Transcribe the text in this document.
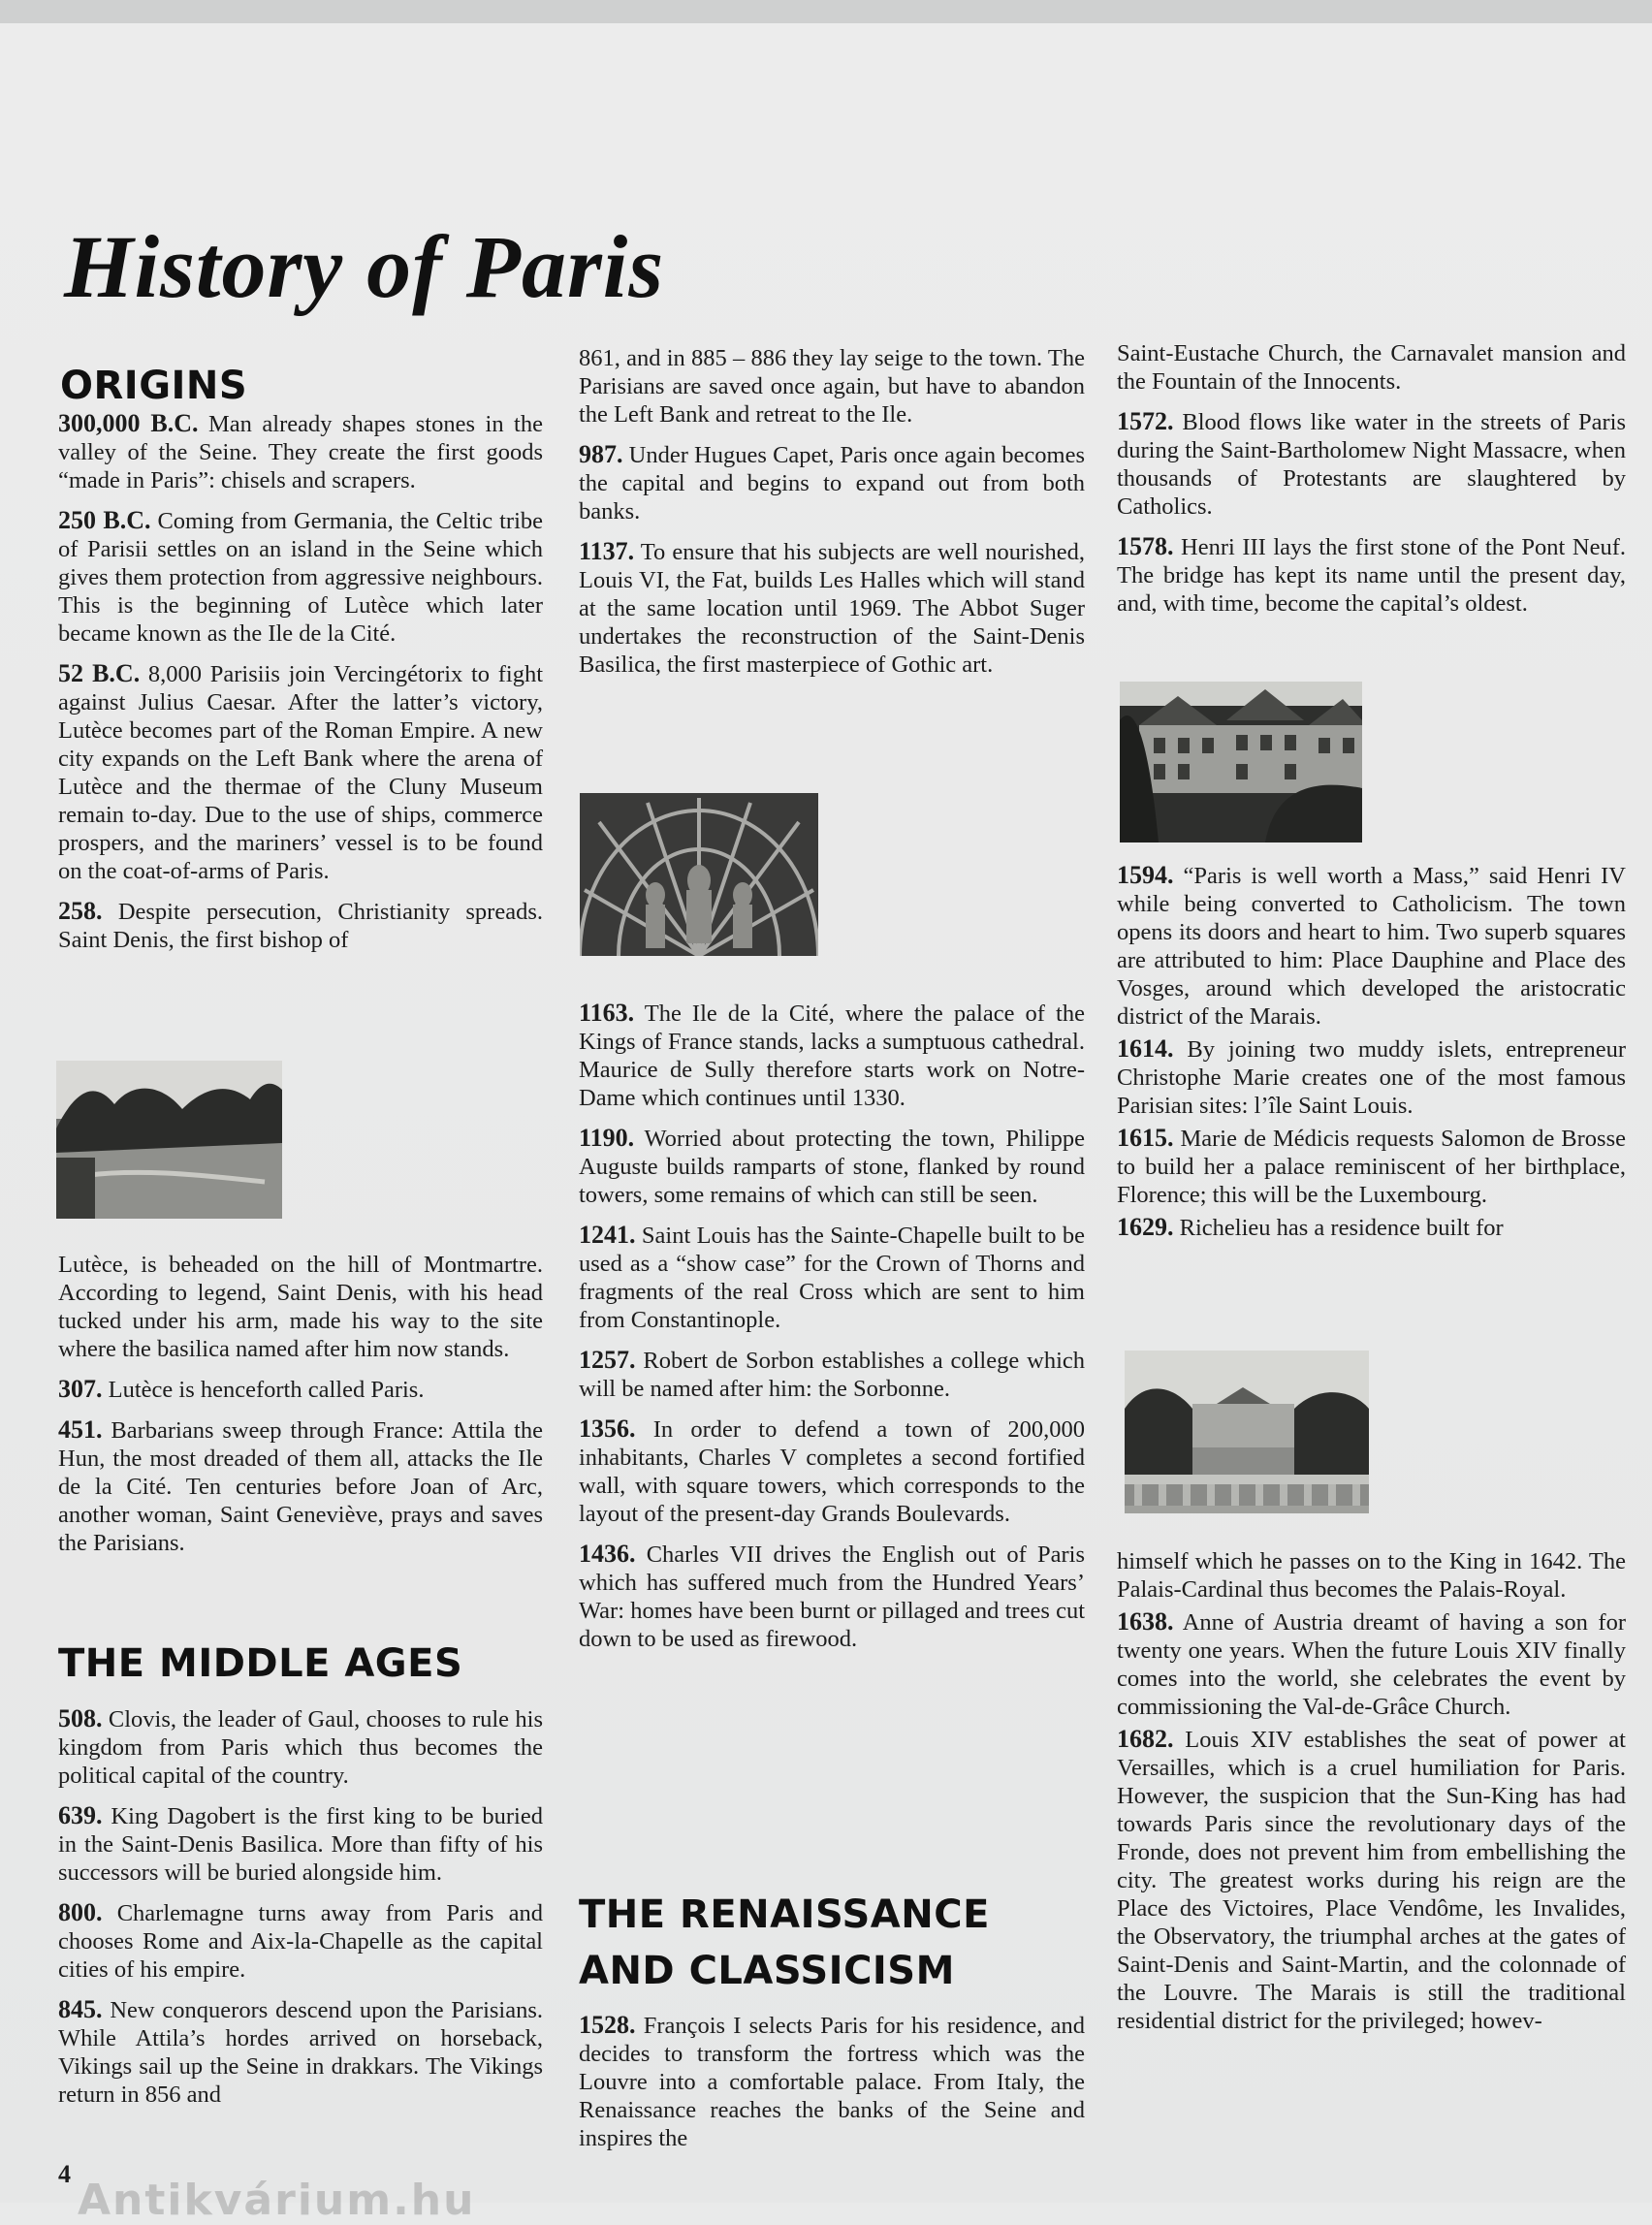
History of Paris
ORIGINS

300,000 B.C. Man already shapes stones in the valley of the Seine. They create the first goods “made in Paris”: chisels and scrapers.

250 B.C. Coming from Germania, the Celtic tribe of Parisii settles on an island in the Seine which gives them protection from aggressive neighbours. This is the beginning of Lutèce which later became known as the Ile de la Cité.

52 B.C. 8,000 Parisiis join Vercingétorix to fight against Julius Caesar. After the latter’s victory, Lutèce becomes part of the Roman Empire. A new city expands on the Left Bank where the arena of Lutèce and the thermae of the Cluny Museum remain to-day. Due to the use of ships, commerce prospers, and the mariners’ vessel is to be found on the coat-of-arms of Paris.

258. Despite persecution, Christianity spreads. Saint Denis, the first bishop of

Lutèce, is beheaded on the hill of Montmartre. According to legend, Saint Denis, with his head tucked under his arm, made his way to the site where the basilica named after him now stands.

307. Lutèce is henceforth called Paris.

451. Barbarians sweep through France: Attila the Hun, the most dreaded of them all, attacks the Ile de la Cité. Ten centuries before Joan of Arc, another woman, Saint Geneviève, prays and saves the Parisians.

THE MIDDLE AGES

508. Clovis, the leader of Gaul, chooses to rule his kingdom from Paris which thus becomes the political capital of the country.

639. King Dagobert is the first king to be buried in the Saint-Denis Basilica. More than fifty of his successors will be buried alongside him.

800. Charlemagne turns away from Paris and chooses Rome and Aix-la-Chapelle as the capital cities of his empire.

845. New conquerors descend upon the Parisians. While Attila’s hordes arrived on horseback, Vikings sail up the Seine in drakkars. The Vikings return in 856 and

861, and in 885 – 886 they lay seige to the town. The Parisians are saved once again, but have to abandon the Left Bank and retreat to the Ile.

987. Under Hugues Capet, Paris once again becomes the capital and begins to expand out from both banks.

1137. To ensure that his subjects are well nourished, Louis VI, the Fat, builds Les Halles which will stand at the same location until 1969. The Abbot Suger undertakes the reconstruction of the Saint-Denis Basilica, the first masterpiece of Gothic art.

1163. The Ile de la Cité, where the palace of the Kings of France stands, lacks a sumptuous cathedral. Maurice de Sully therefore starts work on Notre-Dame which continues until 1330.

1190. Worried about protecting the town, Philippe Auguste builds ramparts of stone, flanked by round towers, some remains of which can still be seen.

1241. Saint Louis has the Sainte-Chapelle built to be used as a “show case” for the Crown of Thorns and fragments of the real Cross which are sent to him from Constantinople.

1257. Robert de Sorbon establishes a college which will be named after him: the Sorbonne.

1356. In order to defend a town of 200,000 inhabitants, Charles V completes a second fortified wall, with square towers, which corresponds to the layout of the present-day Grands Boulevards.

1436. Charles VII drives the English out of Paris which has suffered much from the Hundred Years’ War: homes have been burnt or pillaged and trees cut down to be used as firewood.

THE RENAISSANCE
AND CLASSICISM

1528. François I selects Paris for his residence, and decides to transform the fortress which was the Louvre into a comfortable palace. From Italy, the Renaissance reaches the banks of the Seine and inspires the

Saint-Eustache Church, the Carnavalet mansion and the Fountain of the Innocents.

1572. Blood flows like water in the streets of Paris during the Saint-Bartholomew Night Massacre, when thousands of Protestants are slaughtered by Catholics.

1578. Henri III lays the first stone of the Pont Neuf. The bridge has kept its name until the present day, and, with time, become the capital’s oldest.

1594. “Paris is well worth a Mass,” said Henri IV while being converted to Catholicism. The town opens its doors and heart to him. Two superb squares are attributed to him: Place Dauphine and Place des Vosges, around which developed the aristocratic district of the Marais.

1614. By joining two muddy islets, entrepreneur Christophe Marie creates one of the most famous Parisian sites: l’île Saint Louis.

1615. Marie de Médicis requests Salomon de Brosse to build her a palace reminiscent of her birthplace, Florence; this will be the Luxembourg.

1629. Richelieu has a residence built for

himself which he passes on to the King in 1642. The Palais-Cardinal thus becomes the Palais-Royal.

1638. Anne of Austria dreamt of having a son for twenty one years. When the future Louis XIV finally comes into the world, she celebrates the event by commissioning the Val-de-Grâce Church.

1682. Louis XIV establishes the seat of power at Versailles, which is a cruel humiliation for Paris. However, the suspicion that the Sun-King has had towards Paris since the revolutionary days of the Fronde, does not prevent him from embellishing the city. The greatest works during his reign are the Place des Victoires, Place Vendôme, les Invalides, the Observatory, the triumphal arches at the gates of Saint-Denis and Saint-Martin, and the colonnade of the Louvre. The Marais is still the traditional residential district for the privileged; howev-

4
Antikvárium.hu
